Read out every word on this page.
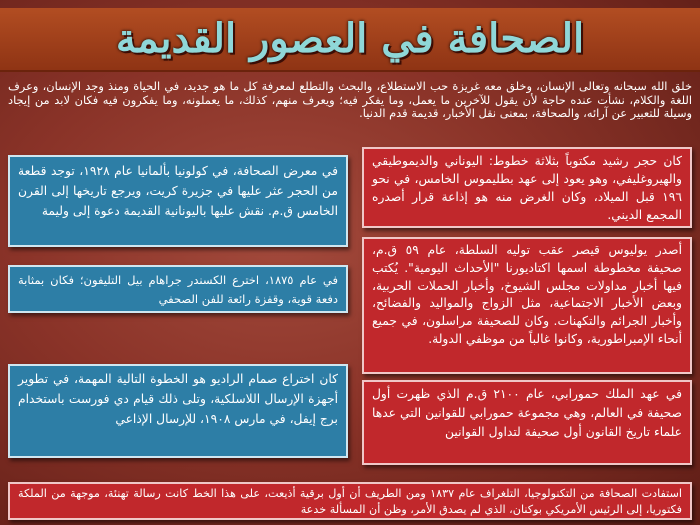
الصحافة في العصور القديمة
خلق الله سبحانه وتعالى الإنسان، وخلق معه غريزة حب الاستطلاع، والبحث والتطلع لمعرفة كل ما هو جديد، في الحياة ومنذ وجد الإنسان، وعرف اللغة والكلام، نشأت عنده حاجة لأن يقول للآخرين ما يعمل، وما يفكر فيه؛ ويعرف منهم، كذلك، ما يعملونه، وما يفكرون فيه فكان لابد من إيجاد وسيلة للتعبير عن آرائه، والصحافة، بمعنى نقل الأخبار، قديمة قدم الدنيا.

كان حجر رشيد مكتوباً بثلاثة خطوط: اليوناني والديموطيقي والهيروغليفي، وهو يعود إلى عهد بطليموس الخامس، في نحو ١٩٦ قبل الميلاد، وكان الغرض منه هو إذاعة قرار أصدره المجمع الديني.

في معرض الصحافة، في كولونيا بألمانيا عام ١٩٢٨، توجد قطعة من الحجر عثر عليها في جزيرة كريت، ويرجع تاريخها إلى القرن الخامس ق.م. نقش عليها باليونانية القديمة دعوة إلى وليمة

أصدر يوليوس قيصر عقب توليه السلطة، عام ٥٩ ق.م، صحيفة مخطوطة اسمها اكتاديورنا "الأحداث اليومية". يُكتب فيها أخبار مداولات مجلس الشيوخ، وأخبار الحملات الحربية، وبعض الأخبار الاجتماعية، مثل الزواج والمواليد والفضائح، وأخبار الجرائم والتكهنات. وكان للصحيفة مراسلون، في جميع أنحاء الإمبراطورية، وكانوا غالباً من موظفي الدولة.

في عام ١٨٧٥، اخترع الكسندر جراهام بيل التليفون؛ فكان بمثابة دفعة قوية، وقفزة رائعة للفن الصحفي

كان اختراع صمام الراديو هو الخطوة التالية المهمة، في تطوير أجهزة الإرسال اللاسلكية، وتلى ذلك قيام دي فورست باستخدام برج إيفل، في مارس ١٩٠٨، للإرسال الإذاعي

في عهد الملك حمورابي، عام ٢١٠٠ ق.م الذي ظهرت أول صحيفة في العالم، وهي مجموعة حمورابي للقوانين التي عدها علماء تاريخ القانون أول صحيفة لتداول القوانين

استفادت الصحافة من التكنولوجيا، التلغراف عام ١٨٣٧ ومن الطريف أن أول برقية أذيعت، على هذا الخط كانت رسالة تهنئة، موجهة من الملكة فكتوريا، إلى الرئيس الأمريكي بوكنان، الذي لم يصدق الأمر، وظن أن المسألة خدعة
